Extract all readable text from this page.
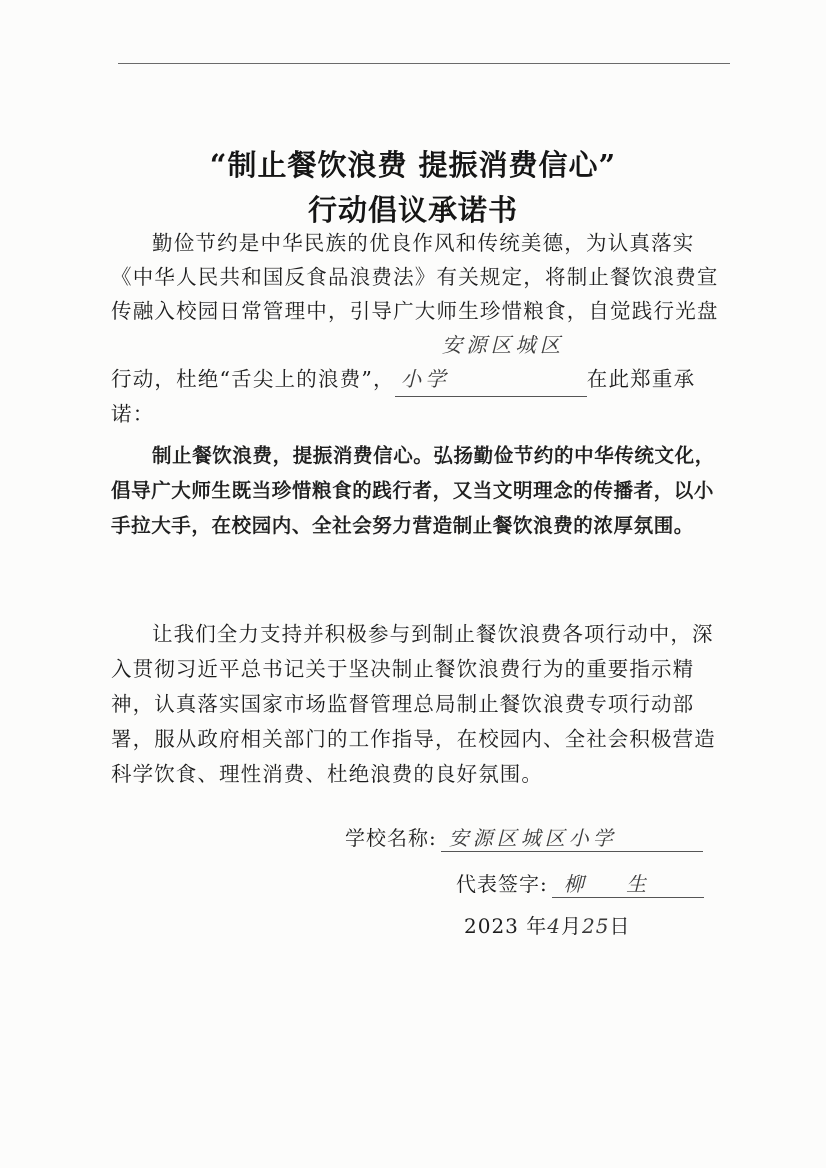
“制止餐饮浪费 提振消费信心”
行动倡议承诺书

勤俭节约是中华民族的优良作风和传统美德，为认真落实《中华人民共和国反食品浪费法》有关规定，将制止餐饮浪费宣传融入校园日常管理中，引导广大师生珍惜粮食，自觉践行光盘行动，杜绝“舌尖上的浪费”，安源区城区小学	在此郑重承诺：

制止餐饮浪费，提振消费信心。弘扬勤俭节约的中华传统文化，倡导广大师生既当珍惜粮食的践行者，又当文明理念的传播者，以小手拉大手，在校园内、全社会努力营造制止餐饮浪费的浓厚氛围。

让我们全力支持并积极参与到制止餐饮浪费各项行动中，深入贯彻习近平总书记关于坚决制止餐饮浪费行为的重要指示精神，认真落实国家市场监督管理总局制止餐饮浪费专项行动部署，服从政府相关部门的工作指导，在校园内、全社会积极营造科学饮食、理性消费、杜绝浪费的良好氛围。

学校名称: 安源区城区小学
代表签字: 柳 生
2023 年4月25日
